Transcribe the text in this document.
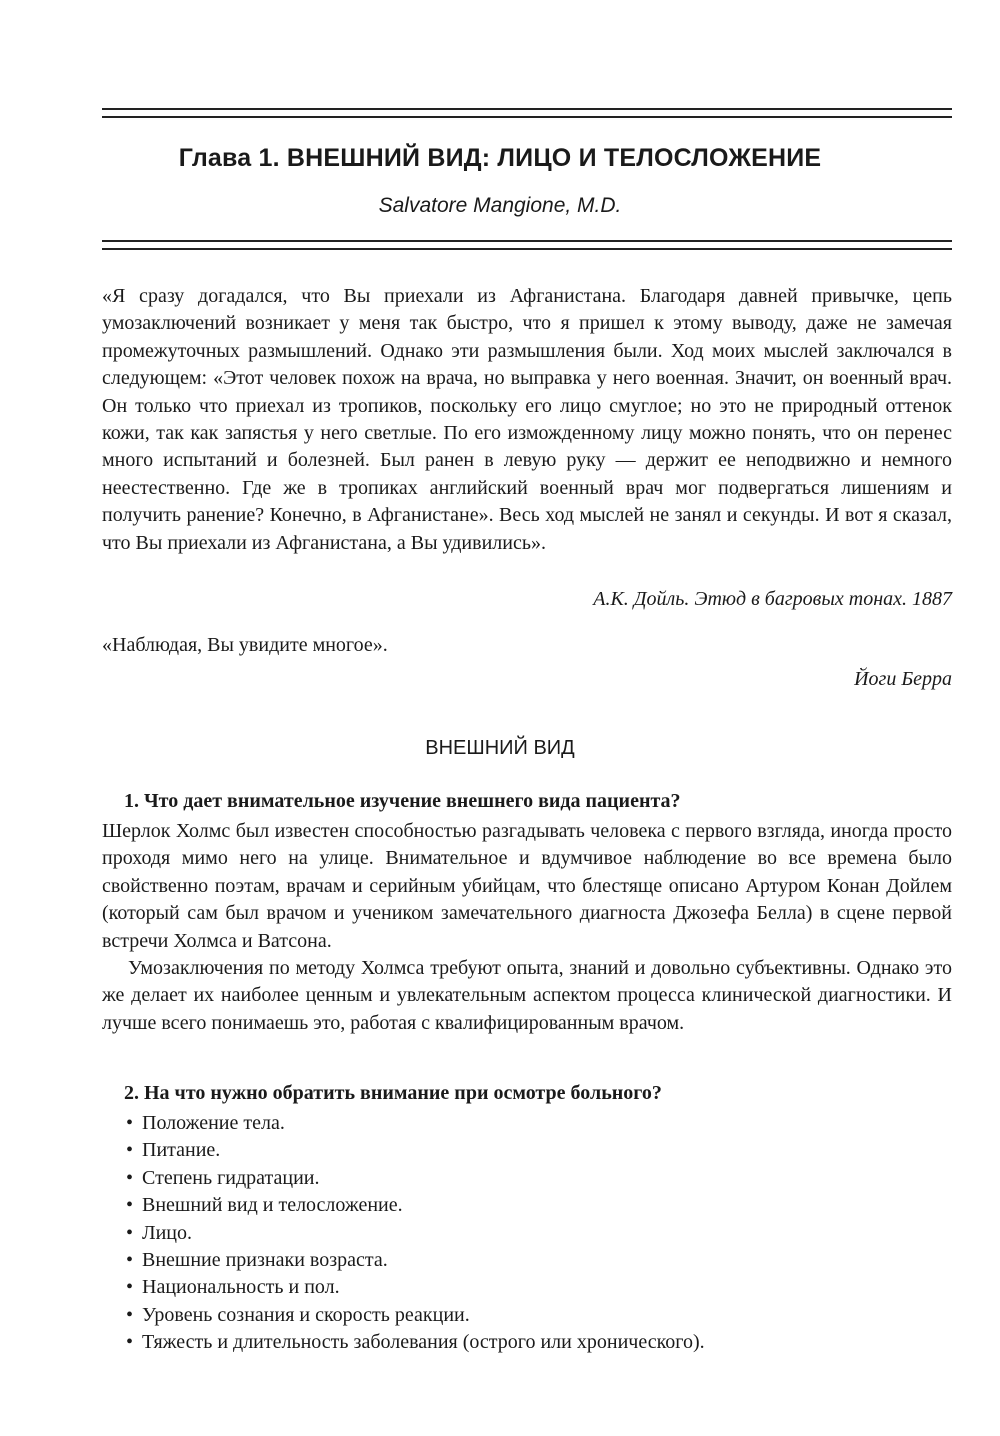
Глава 1. ВНЕШНИЙ ВИД: ЛИЦО И ТЕЛОСЛОЖЕНИЕ
Salvatore Mangione, M.D.
«Я сразу догадался, что Вы приехали из Афганистана. Благодаря давней привычке, цепь умозаключений возникает у меня так быстро, что я пришел к этому выводу, даже не замечая промежуточных размышлений. Однако эти размышления были. Ход моих мыслей заключался в следующем: «Этот человек похож на врача, но выправка у него военная. Значит, он военный врач. Он только что приехал из тропиков, поскольку его лицо смуглое; но это не природный оттенок кожи, так как запястья у него светлые. По его изможденному лицу можно понять, что он перенес много испытаний и болезней. Был ранен в левую руку — держит ее неподвижно и немного неестественно. Где же в тропиках английский военный врач мог подвергаться лишениям и получить ранение? Конечно, в Афганистане». Весь ход мыслей не занял и секунды. И вот я сказал, что Вы приехали из Афганистана, а Вы удивились».
А.К. Дойль. Этюд в багровых тонах. 1887
«Наблюдая, Вы увидите многое».
Йоги Берра
ВНЕШНИЙ ВИД
1. Что дает внимательное изучение внешнего вида пациента?
Шерлок Холмс был известен способностью разгадывать человека с первого взгляда, иногда просто проходя мимо него на улице. Внимательное и вдумчивое наблюдение во все времена было свойственно поэтам, врачам и серийным убийцам, что блестяще описано Артуром Конан Дойлем (который сам был врачом и учеником замечательного диагноста Джозефа Белла) в сцене первой встречи Холмса и Ватсона.
Умозаключения по методу Холмса требуют опыта, знаний и довольно субъективны. Однако это же делает их наиболее ценным и увлекательным аспектом процесса клинической диагностики. И лучше всего понимаешь это, работая с квалифицированным врачом.
2. На что нужно обратить внимание при осмотре больного?
• Положение тела.
• Питание.
• Степень гидратации.
• Внешний вид и телосложение.
• Лицо.
• Внешние признаки возраста.
• Национальность и пол.
• Уровень сознания и скорость реакции.
• Тяжесть и длительность заболевания (острого или хронического).
